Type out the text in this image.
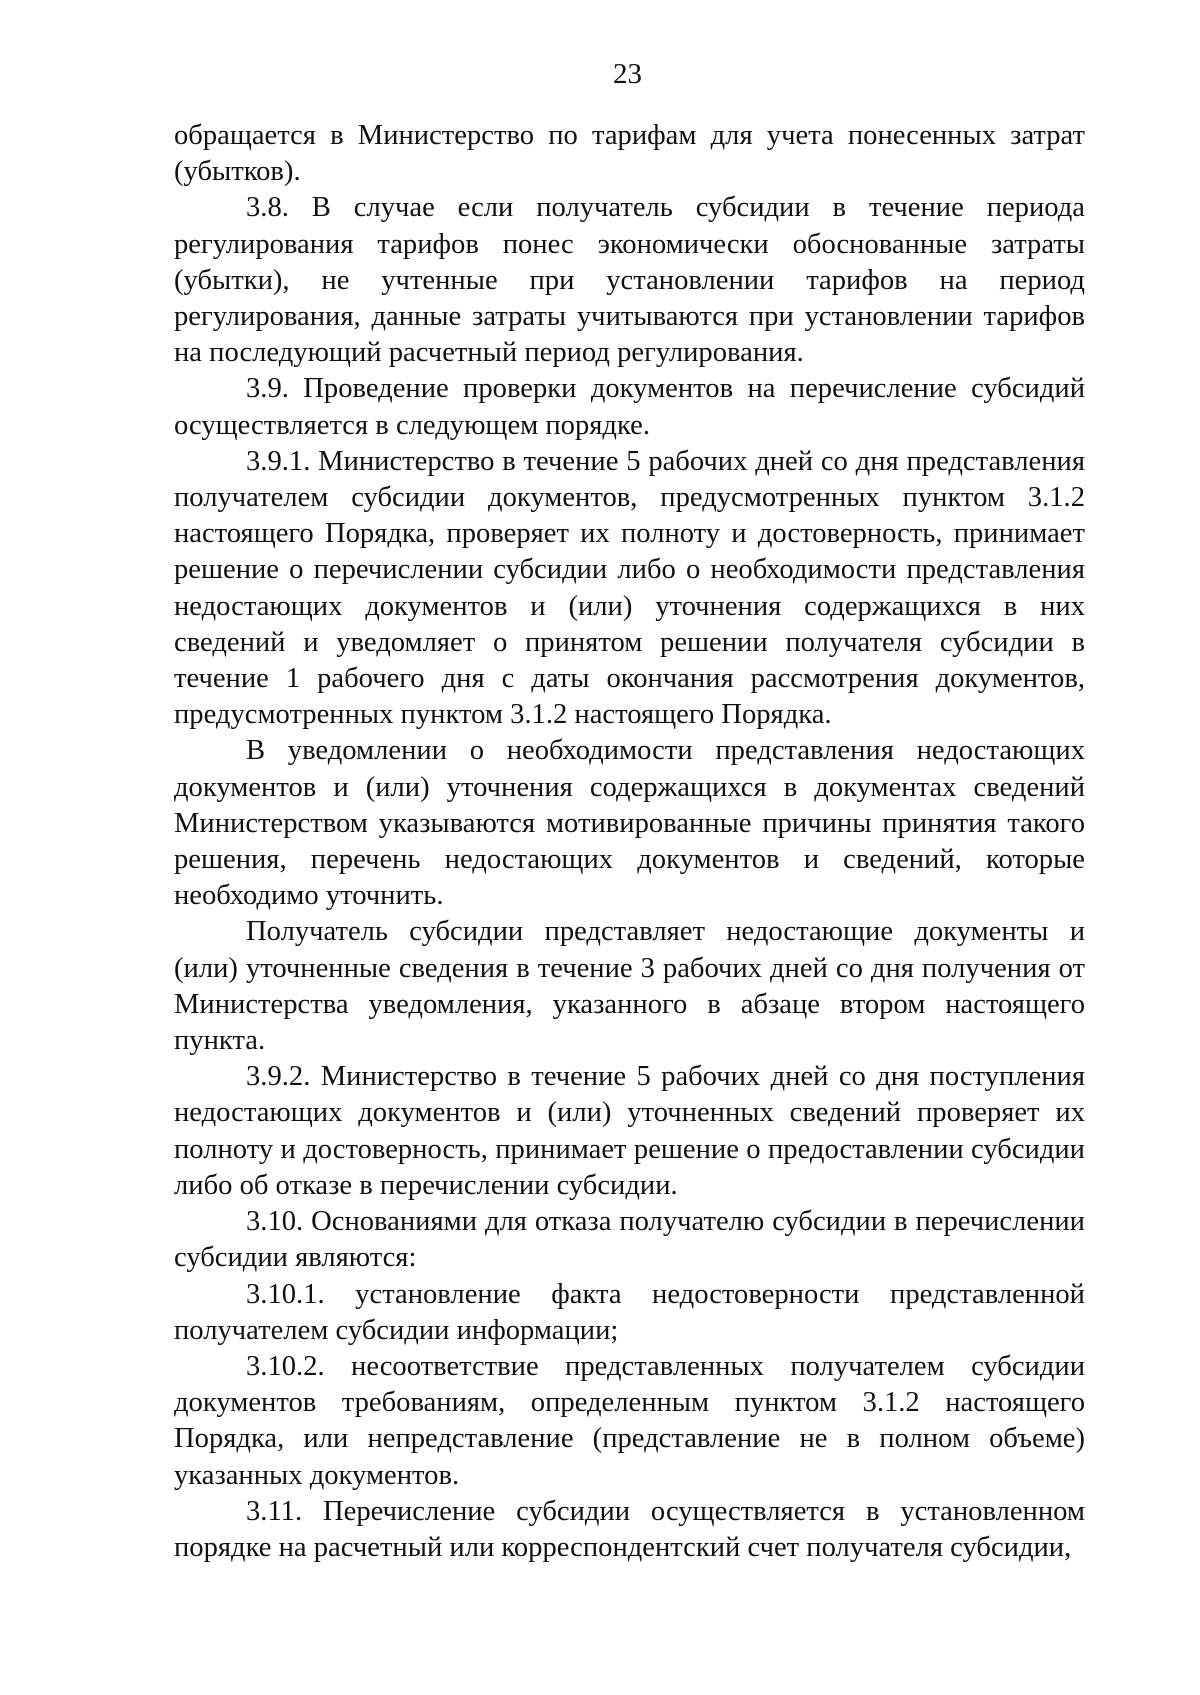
23

обращается в Министерство по тарифам для учета понесенных затрат (убытков).

3.8. В случае если получатель субсидии в течение периода регулирования тарифов понес экономически обоснованные затраты (убытки), не учтенные при установлении тарифов на период регулирования, данные затраты учитываются при установлении тарифов на последующий расчетный период регулирования.

3.9. Проведение проверки документов на перечисление субсидий осуществляется в следующем порядке.

3.9.1. Министерство в течение 5 рабочих дней со дня представления получателем субсидии документов, предусмотренных пунктом 3.1.2 настоящего Порядка, проверяет их полноту и достоверность, принимает решение о перечислении субсидии либо о необходимости представления недостающих документов и (или) уточнения содержащихся в них сведений и уведомляет о принятом решении получателя субсидии в течение 1 рабочего дня с даты окончания рассмотрения документов, предусмотренных пунктом 3.1.2 настоящего Порядка.

В уведомлении о необходимости представления недостающих документов и (или) уточнения содержащихся в документах сведений Министерством указываются мотивированные причины принятия такого решения, перечень недостающих документов и сведений, которые необходимо уточнить.

Получатель субсидии представляет недостающие документы и (или) уточненные сведения в течение 3 рабочих дней со дня получения от Министерства уведомления, указанного в абзаце втором настоящего пункта.

3.9.2. Министерство в течение 5 рабочих дней со дня поступления недостающих документов и (или) уточненных сведений проверяет их полноту и достоверность, принимает решение о предоставлении субсидии либо об отказе в перечислении субсидии.

3.10. Основаниями для отказа получателю субсидии в перечислении субсидии являются:

3.10.1. установление факта недостоверности представленной получателем субсидии информации;

3.10.2. несоответствие представленных получателем субсидии документов требованиям, определенным пунктом 3.1.2 настоящего Порядка, или непредставление (представление не в полном объеме) указанных документов.

3.11. Перечисление субсидии осуществляется в установленном порядке на расчетный или корреспондентский счет получателя субсидии,
